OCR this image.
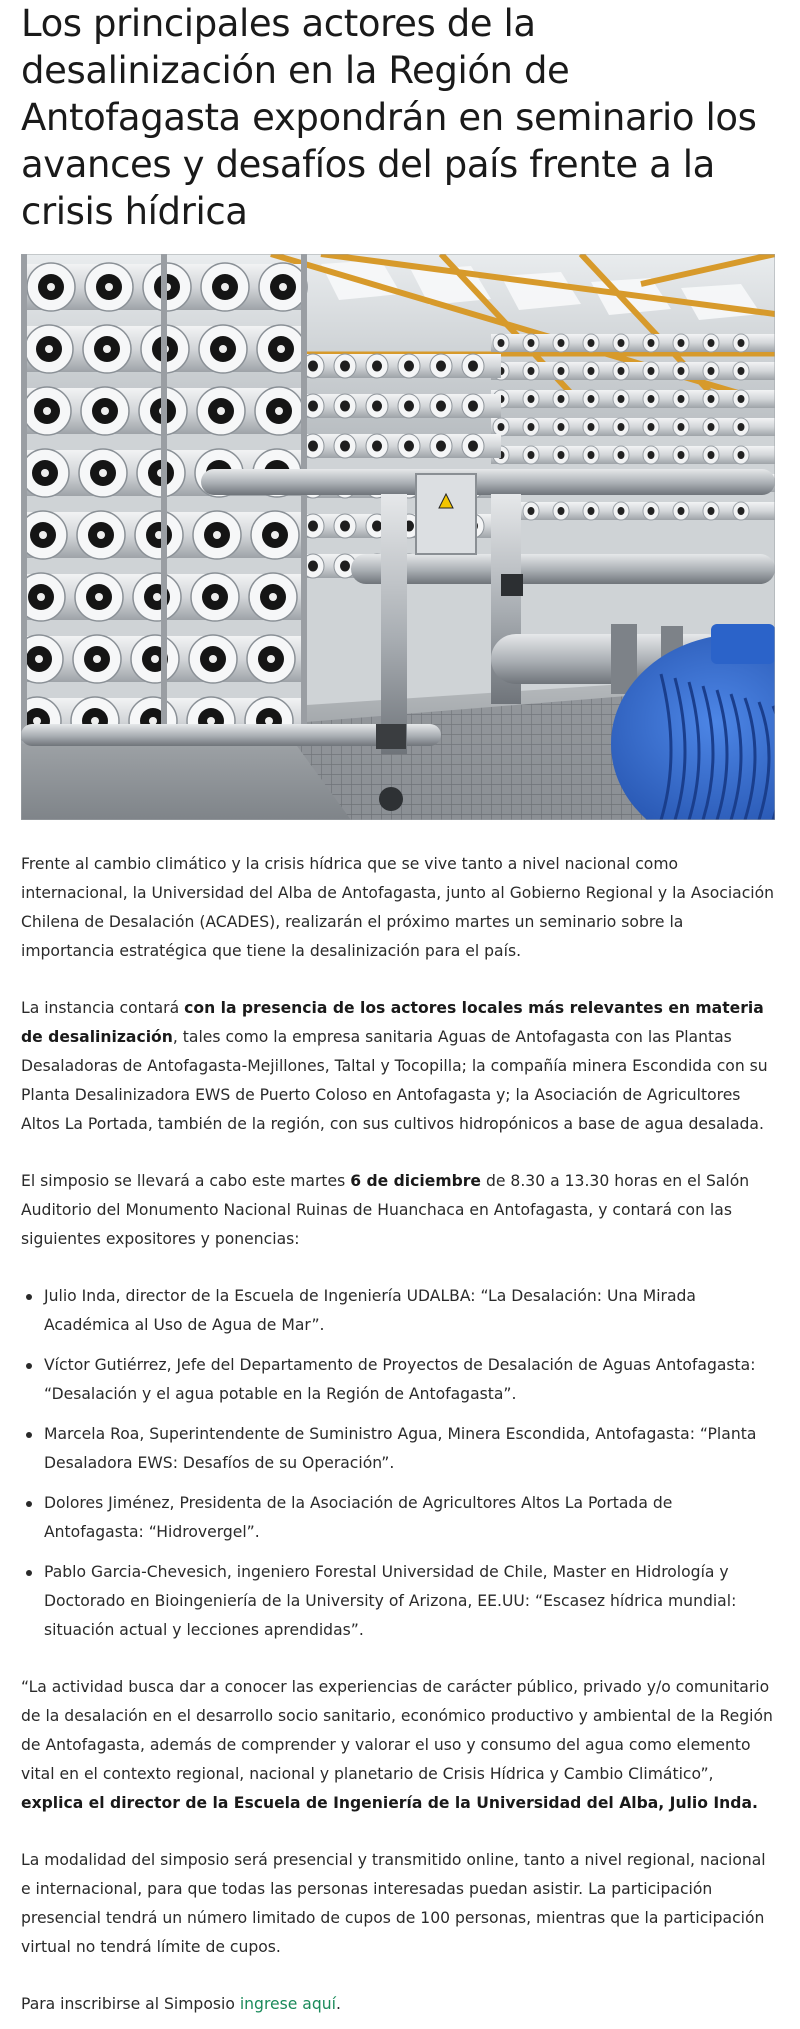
Los principales actores de la desalinización en la Región de Antofagasta expondrán en seminario los avances y desafíos del país frente a la crisis hídrica

Frente al cambio climático y la crisis hídrica que se vive tanto a nivel nacional como internacional, la Universidad del Alba de Antofagasta, junto al Gobierno Regional y la Asociación Chilena de Desalación (ACADES), realizarán el próximo martes un seminario sobre la importancia estratégica que tiene la desalinización para el país.

La instancia contará con la presencia de los actores locales más relevantes en materia de desalinización, tales como la empresa sanitaria Aguas de Antofagasta con las Plantas Desaladoras de Antofagasta-Mejillones, Taltal y Tocopilla; la compañía minera Escondida con su Planta Desalinizadora EWS de Puerto Coloso en Antofagasta y; la Asociación de Agricultores Altos La Portada, también de la región, con sus cultivos hidropónicos a base de agua desalada.

El simposio se llevará a cabo este martes 6 de diciembre de 8.30 a 13.30 horas en el Salón Auditorio del Monumento Nacional Ruinas de Huanchaca en Antofagasta, y contará con las siguientes expositores y ponencias:

Julio Inda, director de la Escuela de Ingeniería UDALBA: “La Desalación: Una Mirada Académica al Uso de Agua de Mar”.
Víctor Gutiérrez, Jefe del Departamento de Proyectos de Desalación de Aguas Antofagasta: “Desalación y el agua potable en la Región de Antofagasta”.
Marcela Roa, Superintendente de Suministro Agua, Minera Escondida, Antofagasta: “Planta Desaladora EWS: Desafíos de su Operación”.
Dolores Jiménez, Presidenta de la Asociación de Agricultores Altos La Portada de Antofagasta: “Hidrovergel”.
Pablo Garcia-Chevesich, ingeniero Forestal Universidad de Chile, Master en Hidrología y Doctorado en Bioingeniería de la University of Arizona, EE.UU: “Escasez hídrica mundial: situación actual y lecciones aprendidas”.

“La actividad busca dar a conocer las experiencias de carácter público, privado y/o comunitario de la desalación en el desarrollo socio sanitario, económico productivo y ambiental de la Región de Antofagasta, además de comprender y valorar el uso y consumo del agua como elemento vital en el contexto regional, nacional y planetario de Crisis Hídrica y Cambio Climático”, explica el director de la Escuela de Ingeniería de la Universidad del Alba, Julio Inda.

La modalidad del simposio será presencial y transmitido online, tanto a nivel regional, nacional e internacional, para que todas las personas interesadas puedan asistir. La participación presencial tendrá un número limitado de cupos de 100 personas, mientras que la participación virtual no tendrá límite de cupos.

Para inscribirse al Simposio ingrese aquí.
